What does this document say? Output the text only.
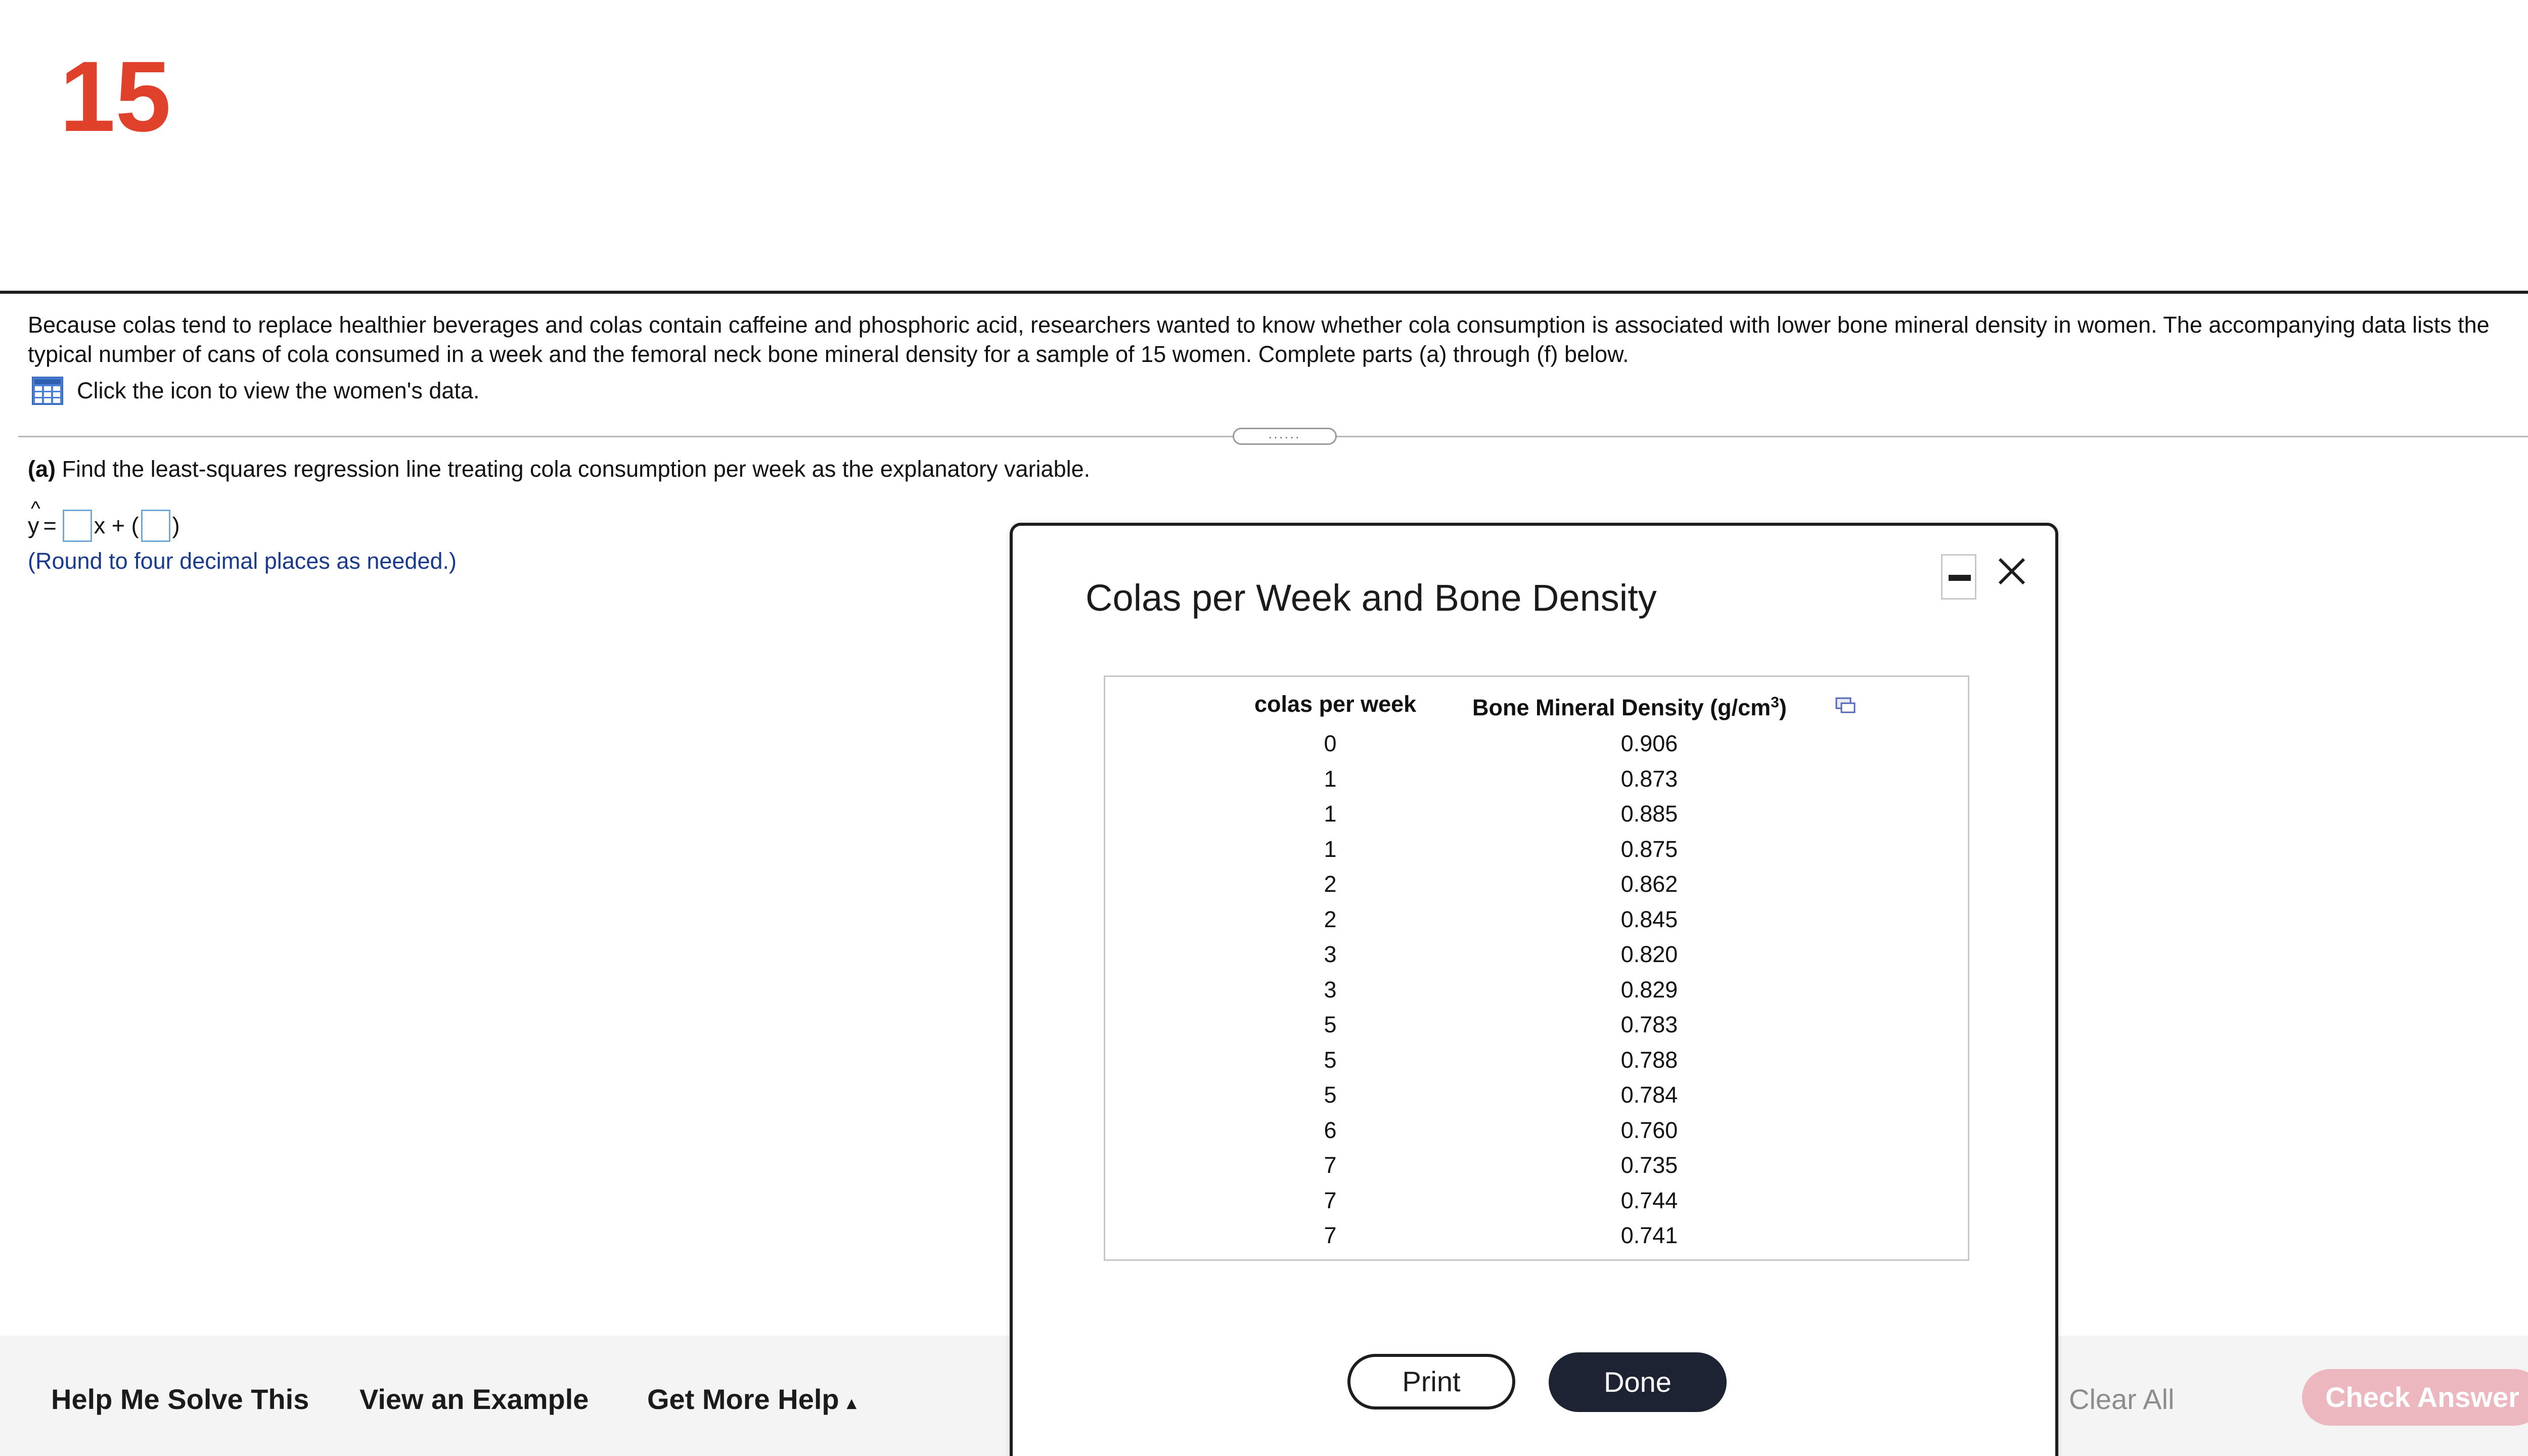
15
Because colas tend to replace healthier beverages and colas contain caffeine and phosphoric acid, researchers wanted to know whether cola consumption is associated with lower bone mineral density in women. The accompanying data lists the typical number of cans of cola consumed in a week and the femoral neck bone mineral density for a sample of 15 women. Complete parts (a) through (f) below.
Click the icon to view the women's data.
......
(a) Find the least-squares regression line treating cola consumption per week as the explanatory variable.
^
y = x + ( )
(Round to four decimal places as needed.)
Help Me Solve This View an Example Get More Help ▴	Clear All	Check Answer
Colas per Week and Bone Density
colas per week Bone Mineral Density $(g/cm^3)$
0	0.906
1	0.873
1	0.885
1	0.875
2	0.862
2	0.845
3	0.820
3	0.829
5	0.783
5	0.788
5	0.784
6	0.760
7	0.735
7	0.744
7	0.741
Print	Done
